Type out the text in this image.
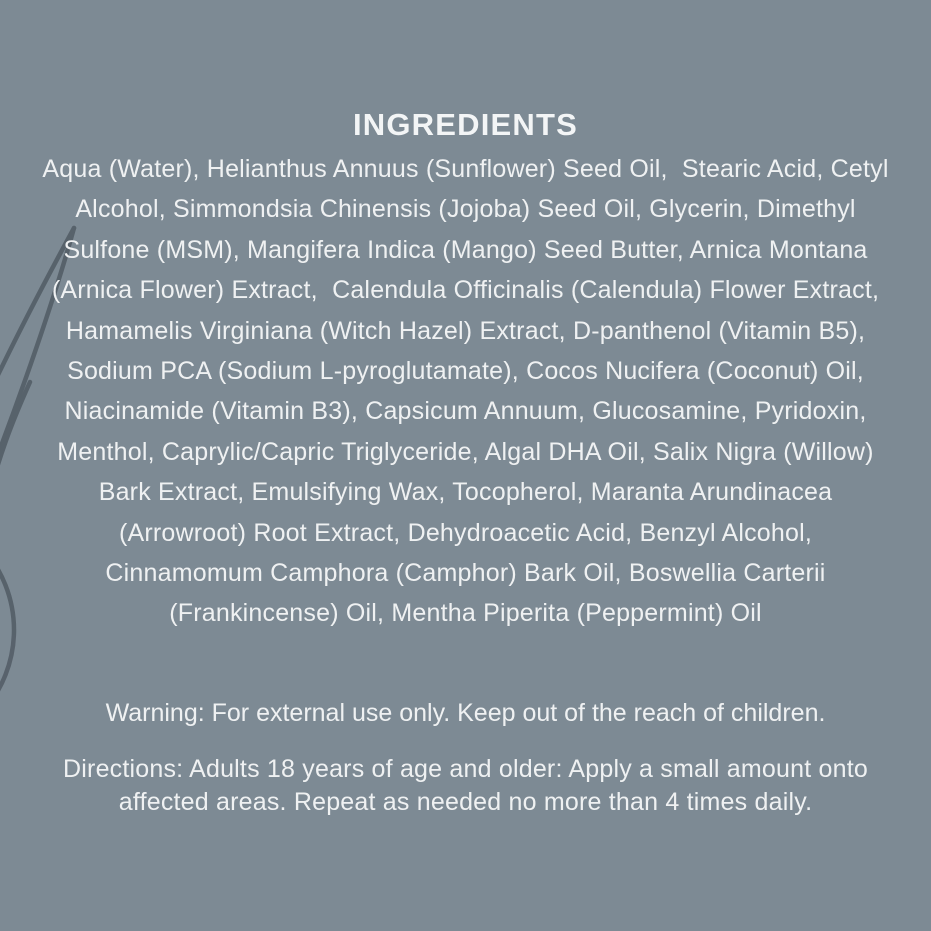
INGREDIENTS
Aqua (Water), Helianthus Annuus (Sunflower) Seed Oil,  Stearic Acid, Cetyl
Alcohol, Simmondsia Chinensis (Jojoba) Seed Oil, Glycerin, Dimethyl
Sulfone (MSM), Mangifera Indica (Mango) Seed Butter, Arnica Montana
(Arnica Flower) Extract,  Calendula Officinalis (Calendula) Flower Extract,
Hamamelis Virginiana (Witch Hazel) Extract, D-panthenol (Vitamin B5),
Sodium PCA (Sodium L-pyroglutamate), Cocos Nucifera (Coconut) Oil,
Niacinamide (Vitamin B3), Capsicum Annuum, Glucosamine, Pyridoxin,
Menthol, Caprylic/Capric Triglyceride, Algal DHA Oil, Salix Nigra (Willow)
Bark Extract, Emulsifying Wax, Tocopherol, Maranta Arundinacea
(Arrowroot) Root Extract, Dehydroacetic Acid, Benzyl Alcohol,
Cinnamomum Camphora (Camphor) Bark Oil, Boswellia Carterii
(Frankincense) Oil, Mentha Piperita (Peppermint) Oil
Warning: For external use only. Keep out of the reach of children.
Directions: Adults 18 years of age and older: Apply a small amount onto
affected areas. Repeat as needed no more than 4 times daily.
